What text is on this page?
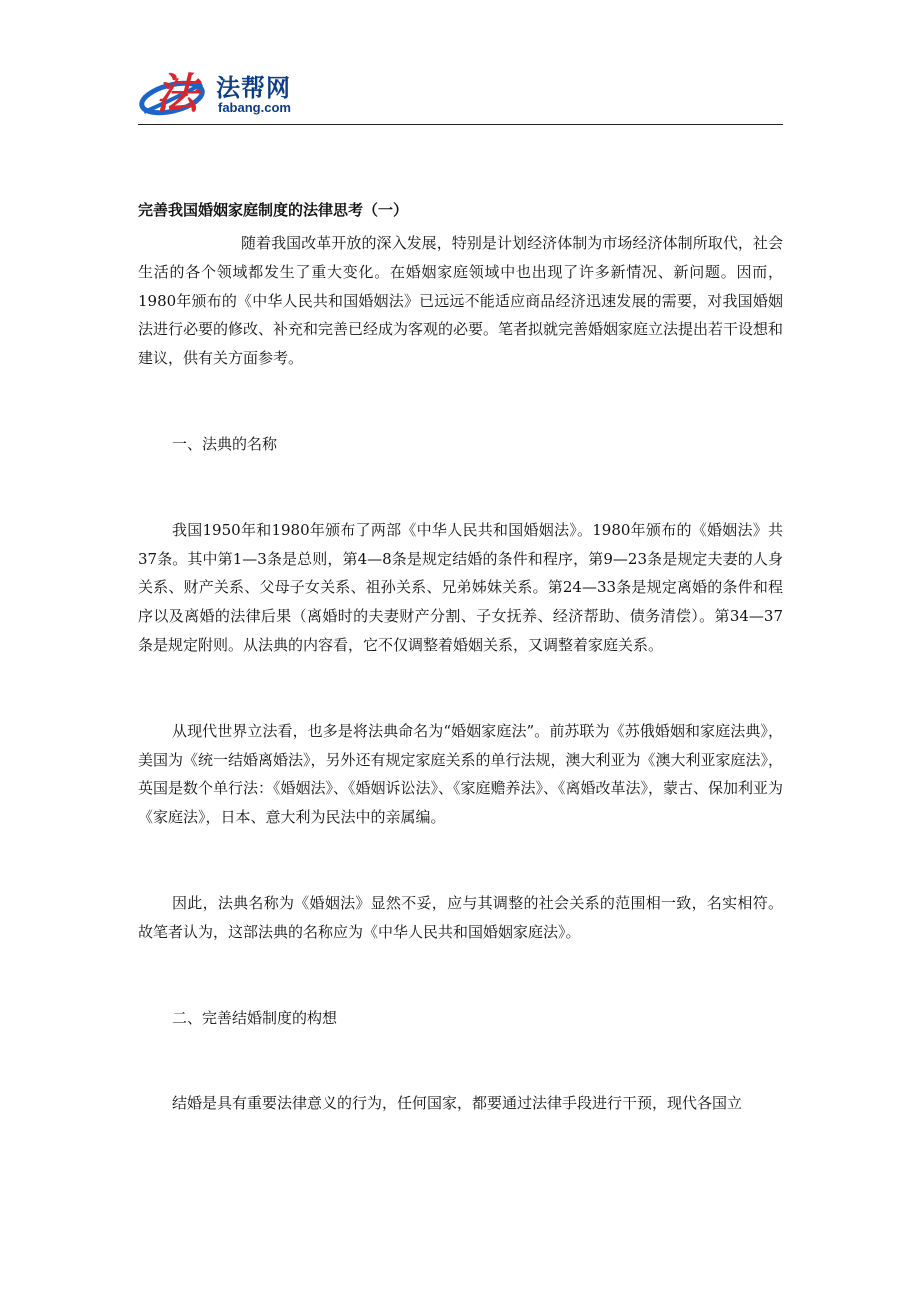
法 法帮网
fabang.com
完善我国婚姻家庭制度的法律思考（一）

随着我国改革开放的深入发展，特别是计划经济体制为市场经济体制所取代，社会生活的各个领域都发生了重大变化。在婚姻家庭领域中也出现了许多新情况、新问题。因而，1980年颁布的《中华人民共和国婚姻法》已远远不能适应商品经济迅速发展的需要，对我国婚姻法进行必要的修改、补充和完善已经成为客观的必要。笔者拟就完善婚姻家庭立法提出若干设想和建议，供有关方面参考。

一、法典的名称

我国1950年和1980年颁布了两部《中华人民共和国婚姻法》。1980年颁布的《婚姻法》共37条。其中第1—3条是总则，第4—8条是规定结婚的条件和程序，第9—23条是规定夫妻的人身关系、财产关系、父母子女关系、祖孙关系、兄弟姊妹关系。第24—33条是规定离婚的条件和程序以及离婚的法律后果（离婚时的夫妻财产分割、子女抚养、经济帮助、债务清偿）。第34—37条是规定附则。从法典的内容看，它不仅调整着婚姻关系，又调整着家庭关系。

从现代世界立法看，也多是将法典命名为“婚姻家庭法”。前苏联为《苏俄婚姻和家庭法典》，美国为《统一结婚离婚法》，另外还有规定家庭关系的单行法规，澳大利亚为《澳大利亚家庭法》，英国是数个单行法：《婚姻法》、《婚姻诉讼法》、《家庭赡养法》、《离婚改革法》，蒙古、保加利亚为《家庭法》，日本、意大利为民法中的亲属编。

因此，法典名称为《婚姻法》显然不妥，应与其调整的社会关系的范围相一致，名实相符。故笔者认为，这部法典的名称应为《中华人民共和国婚姻家庭法》。

二、完善结婚制度的构想

结婚是具有重要法律意义的行为，任何国家，都要通过法律手段进行干预，现代各国立
